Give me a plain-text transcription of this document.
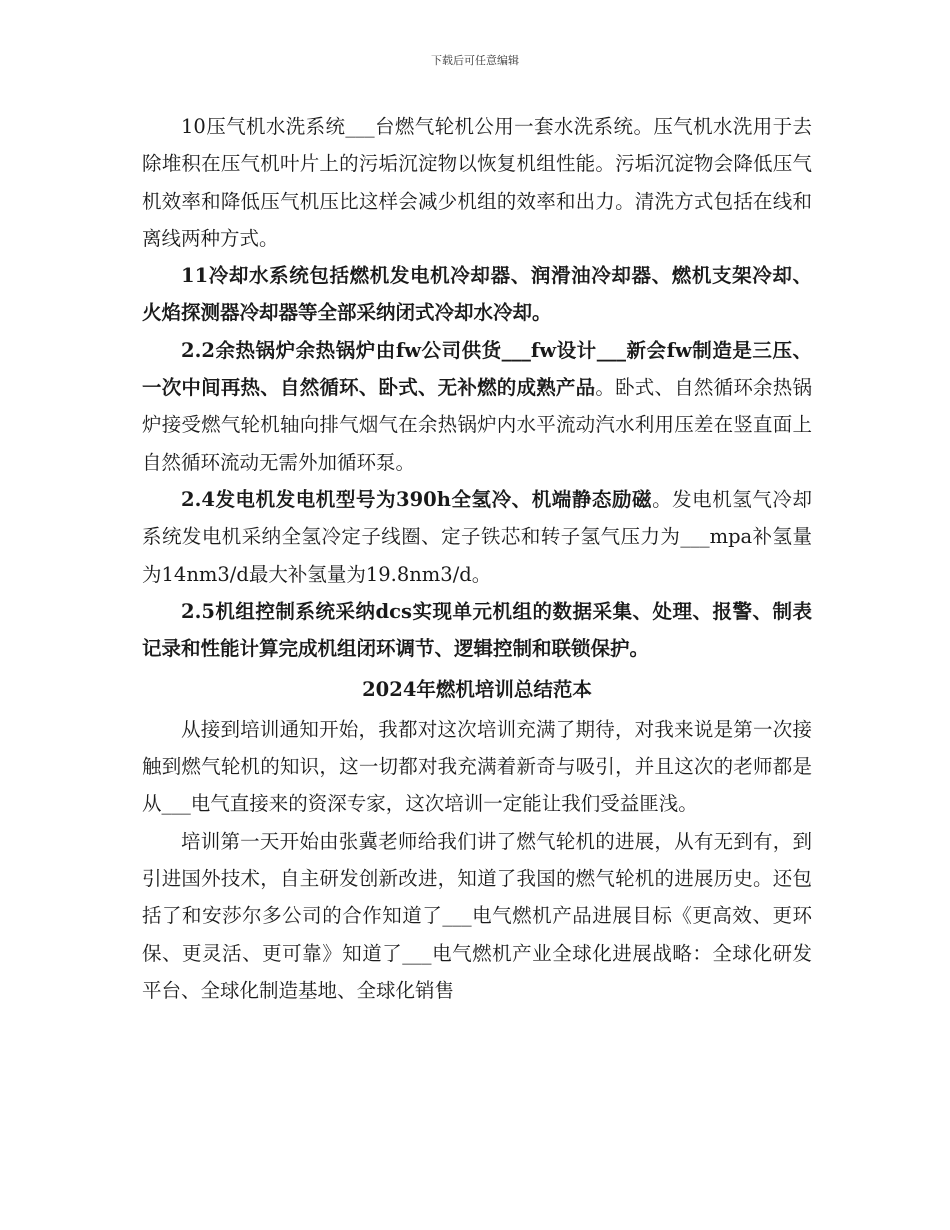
下载后可任意编辑

10压气机水洗系统___台燃气轮机公用一套水洗系统。压气机水洗用于去除堆积在压气机叶片上的污垢沉淀物以恢复机组性能。污垢沉淀物会降低压气机效率和降低压气机压比这样会减少机组的效率和出力。清洗方式包括在线和离线两种方式。

11冷却水系统包括燃机发电机冷却器、润滑油冷却器、燃机支架冷却、火焰探测器冷却器等全部采纳闭式冷却水冷却。

2.2余热锅炉余热锅炉由fw公司供货___fw设计___新会fw制造是三压、一次中间再热、自然循环、卧式、无补燃的成熟产品。卧式、自然循环余热锅炉接受燃气轮机轴向排气烟气在余热锅炉内水平流动汽水利用压差在竖直面上自然循环流动无需外加循环泵。

2.4发电机发电机型号为390h全氢冷、机端静态励磁。发电机氢气冷却系统发电机采纳全氢冷定子线圈、定子铁芯和转子氢气压力为___mpa补氢量为14nm3/d最大补氢量为19.8nm3/d。

2.5机组控制系统采纳dcs实现单元机组的数据采集、处理、报警、制表记录和性能计算完成机组闭环调节、逻辑控制和联锁保护。

2024年燃机培训总结范本

从接到培训通知开始，我都对这次培训充满了期待，对我来说是第一次接触到燃气轮机的知识，这一切都对我充满着新奇与吸引，并且这次的老师都是从___电气直接来的资深专家，这次培训一定能让我们受益匪浅。

培训第一天开始由张冀老师给我们讲了燃气轮机的进展，从有无到有，到引进国外技术，自主研发创新改进，知道了我国的燃气轮机的进展历史。还包括了和安莎尔多公司的合作知道了___电气燃机产品进展目标《更高效、更环保、更灵活、更可靠》知道了___电气燃机产业全球化进展战略：全球化研发平台、全球化制造基地、全球化销售
